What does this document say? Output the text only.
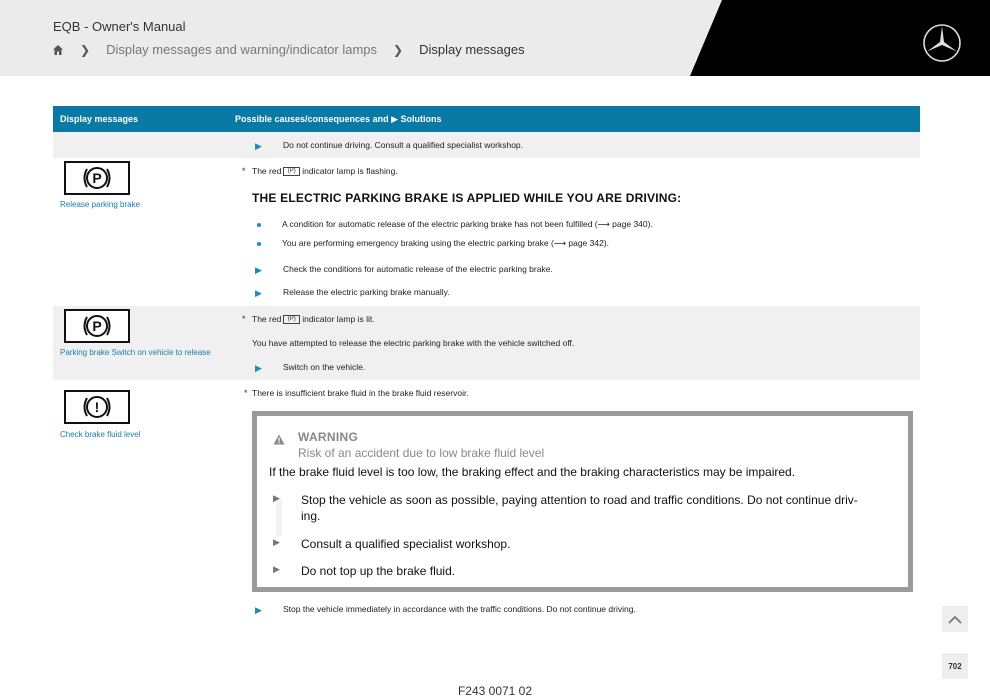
EQB - Owner's Manual
❯ Display messages and warning/indicator lamps ❯ Display messages
Display messages	Possible causes/consequences and ▶ Solutions
▶ Do not continue driving. Consult a qualified specialist workshop.
P
Release parking brake
* The red (P) indicator lamp is flashing.
THE ELECTRIC PARKING BRAKE IS APPLIED WHILE YOU ARE DRIVING:
A condition for automatic release of the electric parking brake has not been fulfilled (⟶ page 340).
You are performing emergency braking using the electric parking brake (⟶ page 342).
▶ Check the conditions for automatic release of the electric parking brake.
▶ Release the electric parking brake manually.
P
Parking brake Switch on vehicle to release
* The red (P) indicator lamp is lit.
You have attempted to release the electric parking brake with the vehicle switched off.
▶ Switch on the vehicle.
!
Check brake fluid level
* There is insufficient brake fluid in the brake fluid reservoir.
▶ Stop the vehicle immediately in accordance with the traffic conditions. Do not continue driving.
WARNING
Risk of an accident due to low brake fluid level
If the brake fluid level is too low, the braking effect and the braking characteristics may be impaired.
▶ Stop the vehicle as soon as possible, paying attention to road and traffic conditions. Do not continue driv-
ing.
▶ Consult a qualified specialist workshop.
▶ Do not top up the brake fluid.
702
F243 0071 02
